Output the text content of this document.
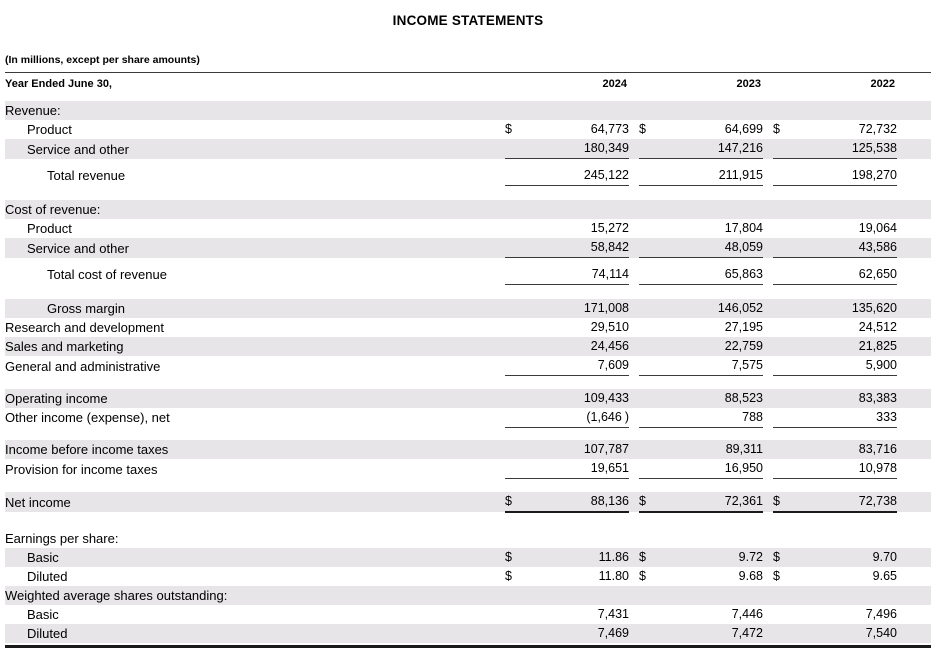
INCOME STATEMENTS
(In millions, except per share amounts)
Year Ended June 30,		2024			2023			2022	

Revenue:									
Product	$	64,773		$	64,699		$	72,732	
Service and other		180,349			147,216			125,538	

Total revenue		245,122			211,915			198,270	

Cost of revenue:									
Product		15,272			17,804			19,064	
Service and other		58,842			48,059			43,586	

Total cost of revenue		74,114			65,863			62,650	

Gross margin		171,008			146,052			135,620	
Research and development		29,510			27,195			24,512	
Sales and marketing		24,456			22,759			21,825	
General and administrative		7,609			7,575			5,900	

Operating income		109,433			88,523			83,383	
Other income (expense), net		(1,646 )			788			333	

Income before income taxes		107,787			89,311			83,716	
Provision for income taxes		19,651			16,950			10,978	

Net income	$	88,136		$	72,361		$	72,738	

Earnings per share:									
Basic	$	11.86		$	9.72		$	9.70	
Diluted	$	11.80		$	9.68		$	9.65	
Weighted average shares outstanding:									
Basic		7,431			7,446			7,496	
Diluted		7,469			7,472			7,540	
